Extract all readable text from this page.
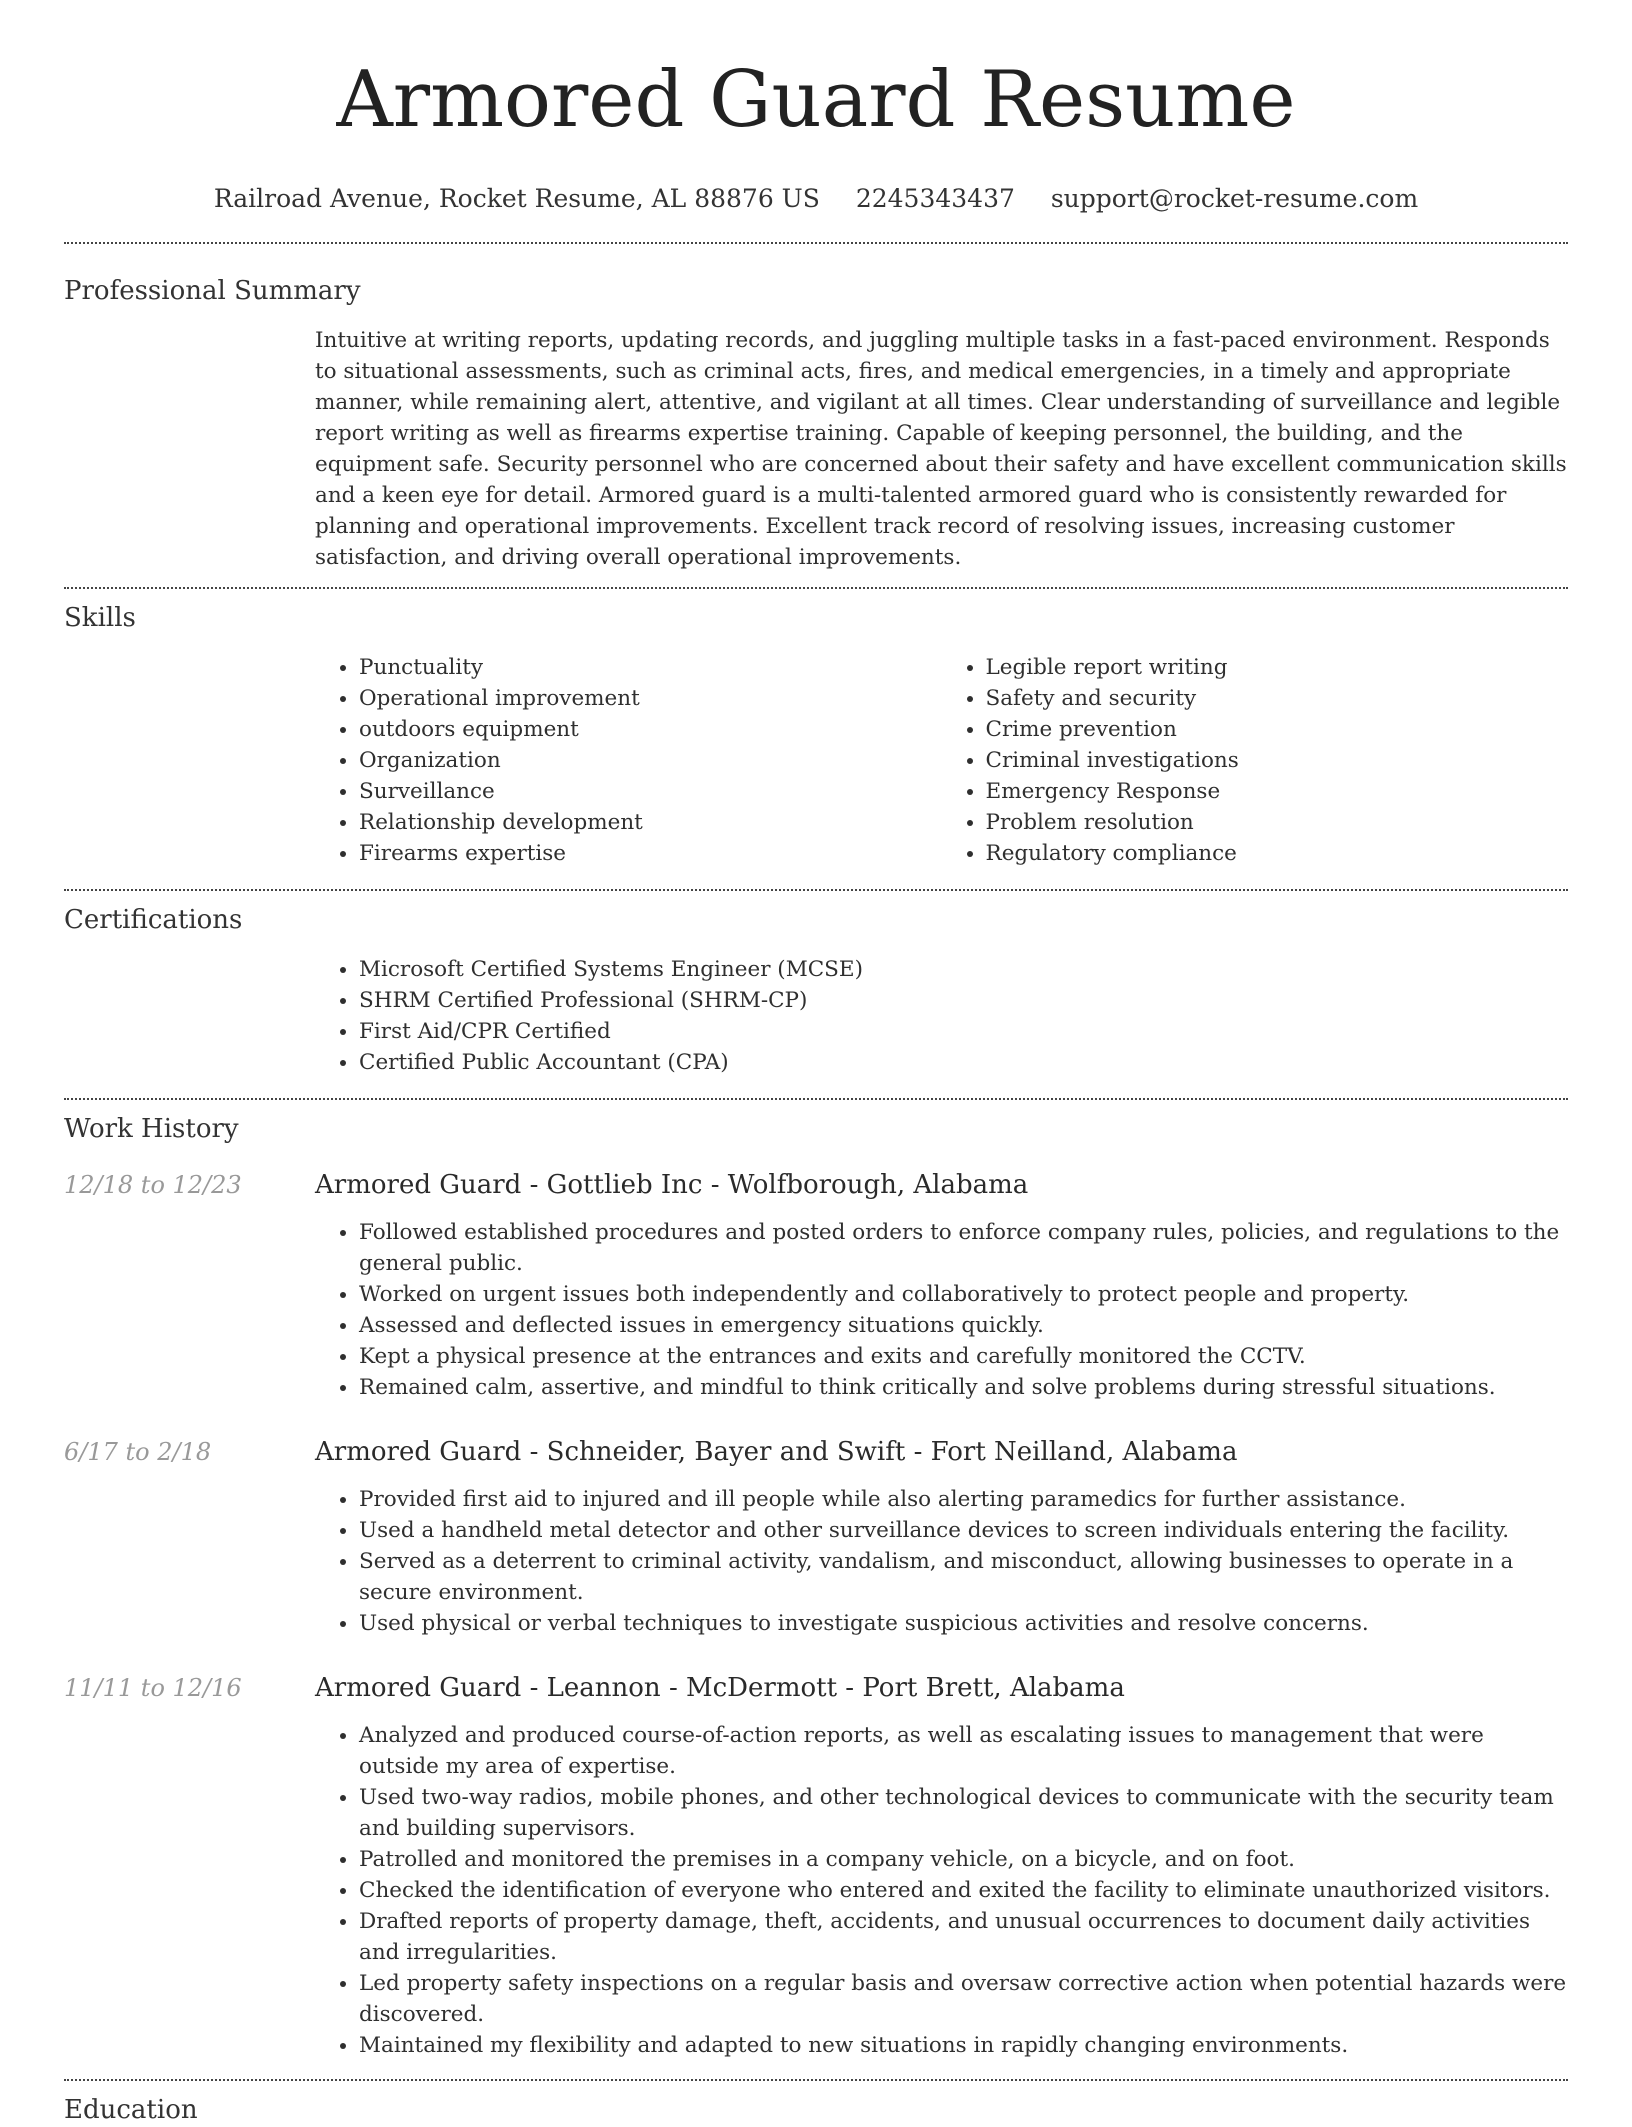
Armored Guard Resume
Railroad Avenue, Rocket Resume, AL 88876 US 2245343437 support@rocket-resume.com
Professional Summary

Intuitive at writing reports, updating records, and juggling multiple tasks in a fast-paced environment. Responds to situational assessments, such as criminal acts, fires, and medical emergencies, in a timely and appropriate manner, while remaining alert, attentive, and vigilant at all times. Clear understanding of surveillance and legible report writing as well as firearms expertise training. Capable of keeping personnel, the building, and the equipment safe. Security personnel who are concerned about their safety and have excellent communication skills and a keen eye for detail. Armored guard is a multi-talented armored guard who is consistently rewarded for planning and operational improvements. Excellent track record of resolving issues, increasing customer satisfaction, and driving overall operational improvements.

Skills
• Punctuality
• Operational improvement
• outdoors equipment
• Organization
• Surveillance
• Relationship development
• Firearms expertise
• Legible report writing
• Safety and security
• Crime prevention
• Criminal investigations
• Emergency Response
• Problem resolution
• Regulatory compliance
Certifications
• Microsoft Certified Systems Engineer (MCSE)
• SHRM Certified Professional (SHRM-CP)
• First Aid/CPR Certified
• Certified Public Accountant (CPA)
Work History
12/18 to 12/23	Armored Guard - Gottlieb Inc - Wolfborough, Alabama
• Followed established procedures and posted orders to enforce company rules, policies, and regulations to the general public.
• Worked on urgent issues both independently and collaboratively to protect people and property.
• Assessed and deflected issues in emergency situations quickly.
• Kept a physical presence at the entrances and exits and carefully monitored the CCTV.
• Remained calm, assertive, and mindful to think critically and solve problems during stressful situations.
6/17 to 2/18	Armored Guard - Schneider, Bayer and Swift - Fort Neilland, Alabama
• Provided first aid to injured and ill people while also alerting paramedics for further assistance.
• Used a handheld metal detector and other surveillance devices to screen individuals entering the facility.
• Served as a deterrent to criminal activity, vandalism, and misconduct, allowing businesses to operate in a secure environment.
• Used physical or verbal techniques to investigate suspicious activities and resolve concerns.
11/11 to 12/16	Armored Guard - Leannon - McDermott - Port Brett, Alabama
• Analyzed and produced course-of-action reports, as well as escalating issues to management that were outside my area of expertise.
• Used two-way radios, mobile phones, and other technological devices to communicate with the security team and building supervisors.
• Patrolled and monitored the premises in a company vehicle, on a bicycle, and on foot.
• Checked the identification of everyone who entered and exited the facility to eliminate unauthorized visitors.
• Drafted reports of property damage, theft, accidents, and unusual occurrences to document daily activities and irregularities.
• Led property safety inspections on a regular basis and oversaw corrective action when potential hazards were discovered.
• Maintained my flexibility and adapted to new situations in rapidly changing environments.
Education
